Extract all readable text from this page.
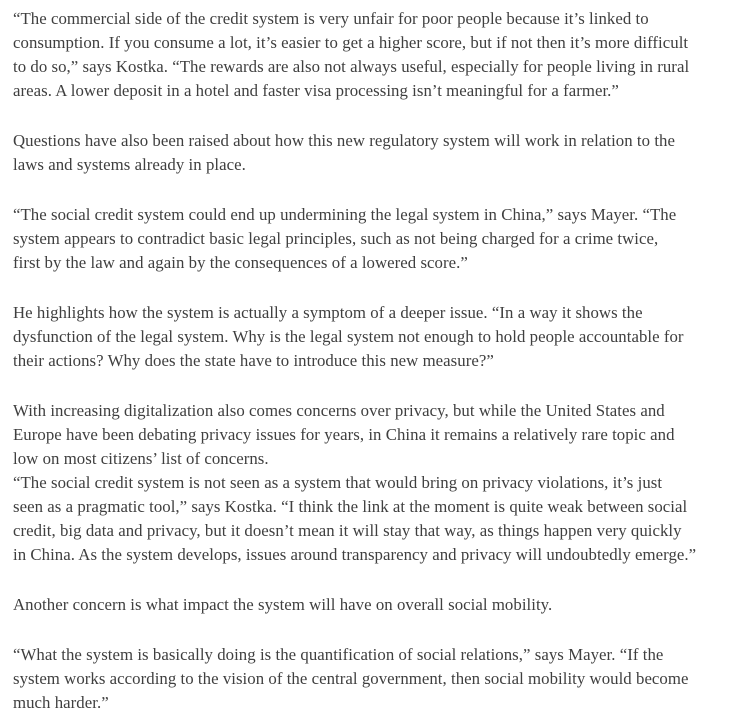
“The commercial side of the credit system is very unfair for poor people because it’s linked to
consumption. If you consume a lot, it’s easier to get a higher score, but if not then it’s more difficult
to do so,” says Kostka. “The rewards are also not always useful, especially for people living in rural
areas. A lower deposit in a hotel and faster visa processing isn’t meaningful for a farmer.”
Questions have also been raised about how this new regulatory system will work in relation to the
laws and systems already in place.
“The social credit system could end up undermining the legal system in China,” says Mayer. “The
system appears to contradict basic legal principles, such as not being charged for a crime twice,
first by the law and again by the consequences of a lowered score.”
He highlights how the system is actually a symptom of a deeper issue. “In a way it shows the
dysfunction of the legal system. Why is the legal system not enough to hold people accountable for
their actions? Why does the state have to introduce this new measure?”
With increasing digitalization also comes concerns over privacy, but while the United States and
Europe have been debating privacy issues for years, in China it remains a relatively rare topic and
low on most citizens’ list of concerns.
“The social credit system is not seen as a system that would bring on privacy violations, it’s just
seen as a pragmatic tool,” says Kostka. “I think the link at the moment is quite weak between social
credit, big data and privacy, but it doesn’t mean it will stay that way, as things happen very quickly
in China. As the system develops, issues around transparency and privacy will undoubtedly emerge.”
Another concern is what impact the system will have on overall social mobility.
“What the system is basically doing is the quantification of social relations,” says Mayer. “If the
system works according to the vision of the central government, then social mobility would become
much harder.”
